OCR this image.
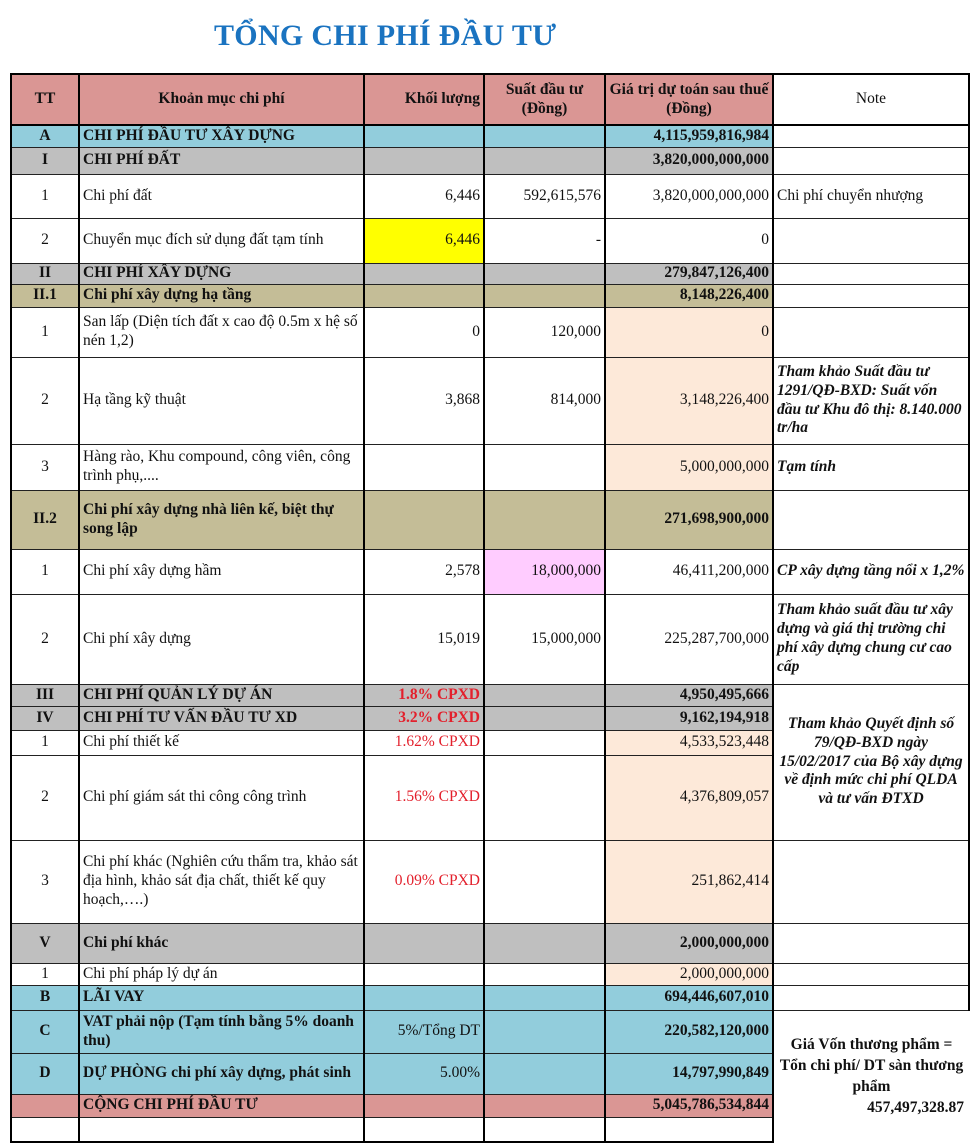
TỔNG CHI PHÍ ĐẦU TƯ
TT	Khoản mục chi phí	Khối lượng	Suất đầu tư (Đồng)	Giá trị dự toán sau thuế (Đồng)	Note
A	CHI PHÍ ĐẦU TƯ XÂY DỰNG			4,115,959,816,984	
I	CHI PHÍ ĐẤT			3,820,000,000,000	
1	Chi phí đất	6,446	592,615,576	3,820,000,000,000	Chi phí chuyển nhượng
2	Chuyển mục đích sử dụng đất tạm tính	6,446	-	0	
II	CHI PHÍ XÂY DỰNG			279,847,126,400	
II.1	Chi phí xây dựng hạ tầng			8,148,226,400	
1	San lấp (Diện tích đất x cao độ 0.5m x hệ số nén 1,2)	0	120,000	0	
2	Hạ tầng kỹ thuật	3,868	814,000	3,148,226,400	Tham khảo Suất đầu tư 1291/QĐ-BXD: Suất vốn đầu tư Khu đô thị: 8.140.000 tr/ha
3	Hàng rào, Khu compound, công viên, công trình phụ,....			5,000,000,000	Tạm tính
II.2	Chi phí xây dựng nhà liên kế, biệt thự song lập			271,698,900,000	
1	Chi phí xây dựng hầm	2,578	18,000,000	46,411,200,000	CP xây dựng tầng nổi x 1,2%
2	Chi phí xây dựng	15,019	15,000,000	225,287,700,000	Tham khảo suất đầu tư xây dựng và giá thị trường chi phí xây dựng chung cư cao cấp
III	CHI PHÍ QUẢN LÝ DỰ ÁN	1.8% CPXD		4,950,495,666	Tham khảo Quyết định số 79/QĐ-BXD ngày 15/02/2017 của Bộ xây dựng về định mức chi phí QLDA và tư vấn ĐTXD
IV	CHI PHÍ TƯ VẤN ĐẦU TƯ XD	3.2% CPXD		9,162,194,918	
1	Chi phí thiết kế	1.62% CPXD		4,533,523,448	
2	Chi phí giám sát thi công công trình	1.56% CPXD		4,376,809,057	
3	Chi phí khác (Nghiên cứu thẩm tra, khảo sát địa hình, khảo sát địa chất, thiết kế quy hoạch,….)	0.09% CPXD		251,862,414	
V	Chi phí khác			2,000,000,000	
1	Chi phí pháp lý dự án			2,000,000,000	
B	LÃI VAY			694,446,607,010	
C	VAT phải nộp (Tạm tính bằng 5% doanh thu)	5%/Tổng DT		220,582,120,000	Giá Vốn thương phẩm = Tổn chi phí/ DT sàn thương phẩm
457,497,328.87

D	DỰ PHÒNG chi phí xây dựng, phát sinh	5.00%		14,797,990,849	
	CỘNG CHI PHÍ ĐẦU TƯ			5,045,786,534,844	
